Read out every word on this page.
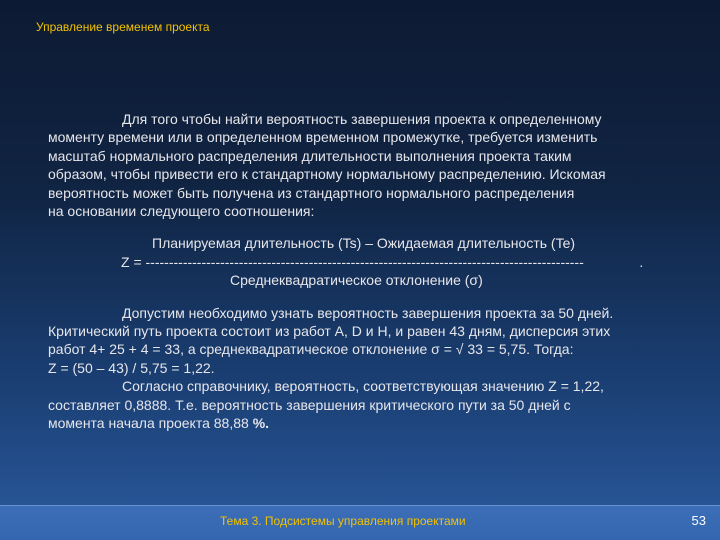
Управление временем проекта

Для того чтобы найти вероятность завершения проекта к определенному

моменту времени или в определенном временном промежутке, требуется изменить

масштаб нормального распределения длительности выполнения проекта таким

образом, чтобы привести его к стандартному нормальному распределению. Искомая

вероятность может быть получена из стандартного нормального распределения

на основании следующего соотношения:

Планируемая длительность (Ts) – Ожидаемая длительность (Te)

Z = ----------------------------------------------------------------------------------------------	.

Среднеквадратическое отклонение (σ)

Допустим необходимо узнать вероятность завершения проекта за 50 дней.

Критический путь проекта состоит из работ A, D и H, и равен 43 дням, дисперсия этих

работ 4+ 25 + 4 = 33, а среднеквадратическое отклонение σ = √ 33 = 5,75. Тогда:

Z = (50 – 43) / 5,75 = 1,22.

Согласно справочнику, вероятность, соответствующая значению Z = 1,22,

составляет 0,8888. Т.е. вероятность завершения критического пути за 50 дней с

момента начала проекта 88,88 %.

Тема 3. Подсистемы управления проектами	53
